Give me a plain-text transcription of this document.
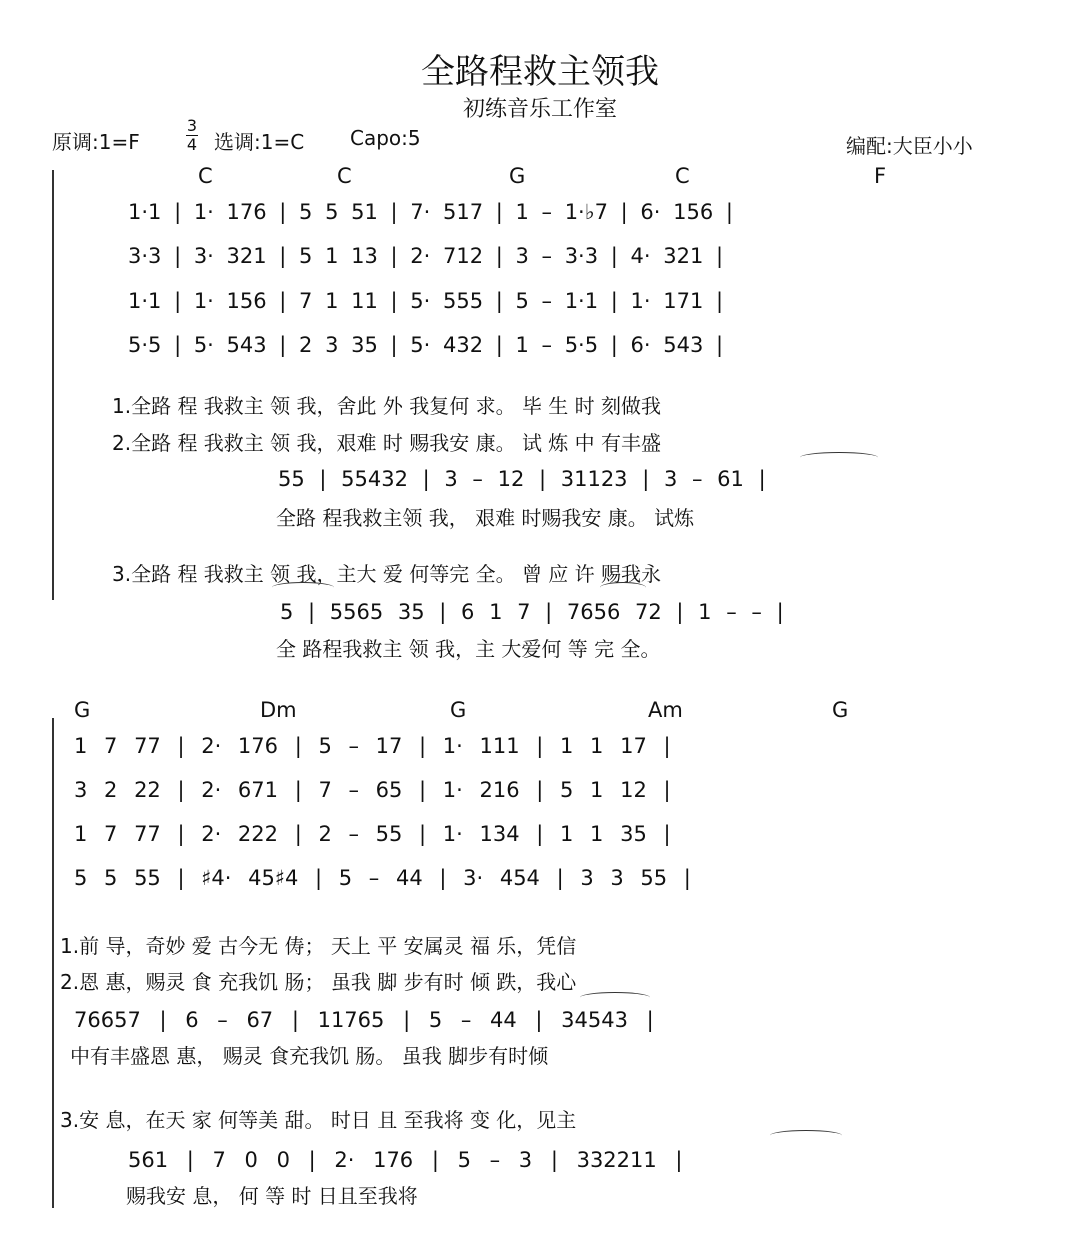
全路程救主领我
初练音乐工作室
原调:1=F
3
4 选调:1=C Capo:5	编配:大臣小小
C	C	G	C	F
1·1 | 1· 176 | 5 5 51 | 7· 517 | 1 – 1·♭7 | 6· 156 |
3·3 | 3· 321 | 5 1 13 | 2· 712 | 3 – 3·3 | 4· 321 |
1·1 | 1· 156 | 7 1 11 | 5· 555 | 5 – 1·1 | 1· 171 |
5·5 | 5· 543 | 2 3 35 | 5· 432 | 1 – 5·5 | 6· 543 |
1.全路 程 我救主 领 我，舍此 外 我复何 求。 毕 生 时 刻做我
2.全路 程 我救主 领 我，艰难 时 赐我安 康。 试 炼 中 有丰盛
55 | 55432 | 3 – 12 | 31123 | 3 – 61 |
全路 程我救主领 我， 艰难 时赐我安 康。 试炼
3.全路 程 我救主 领 我，主大 爱 何等完 全。 曾 应 许 赐我永
5 | 5565 35 | 6 1 7 | 7656 72 | 1 – – |
全 路程我救主 领 我，主 大爱何 等 完 全。
G	Dm	G	Am	G
1 7 77 | 2· 176 | 5 – 17 | 1· 111 | 1 1 17 |
3 2 22 | 2· 671 | 7 – 65 | 1· 216 | 5 1 12 |
1 7 77 | 2· 222 | 2 – 55 | 1· 134 | 1 1 35 |
5 5 55 | ♯4· 45♯4 | 5 – 44 | 3· 454 | 3 3 55 |
1.前 导，奇妙 爱 古今无 俦； 天上 平 安属灵 福 乐，凭信
2.恩 惠，赐灵 食 充我饥 肠； 虽我 脚 步有时 倾 跌，我心
76657 | 6 – 67 | 11765 | 5 – 44 | 34543 |
中有丰盛恩 惠， 赐灵 食充我饥 肠。 虽我 脚步有时倾
3.安 息，在天 家 何等美 甜。 时日 且 至我将 变 化，见主
561 | 7 0 0 | 2· 176 | 5 – 3 | 332211 |
赐我安 息， 何 等 时 日且至我将
